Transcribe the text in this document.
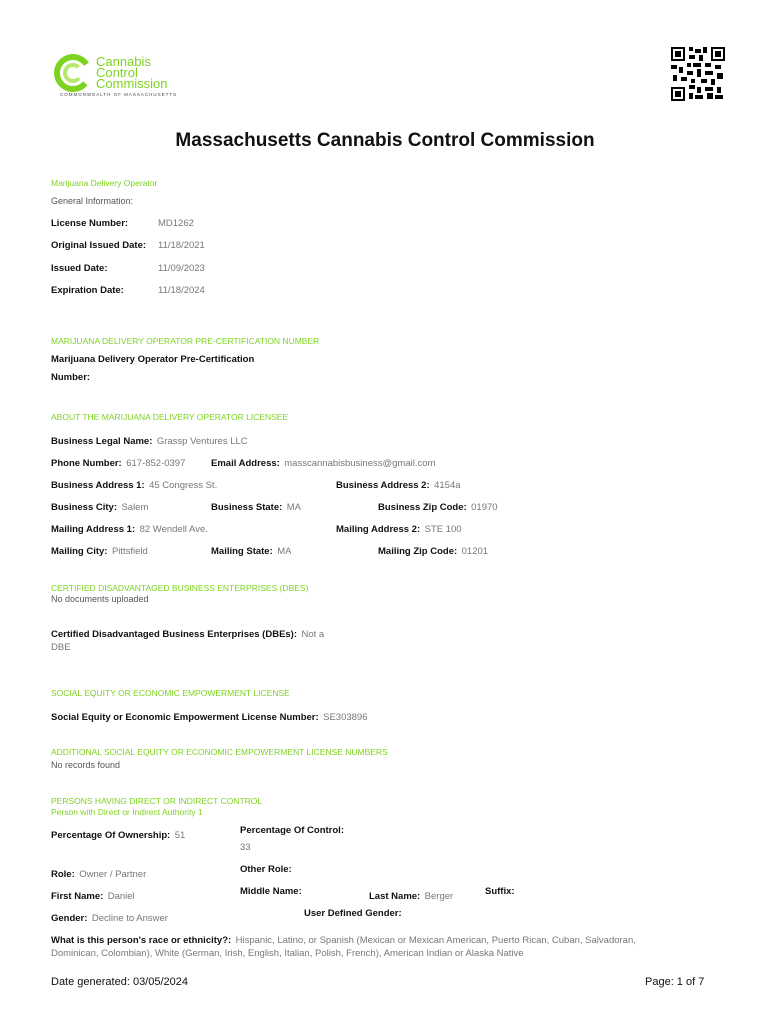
Cannabis
Control
Commission
COMMONWEALTH OF MASSACHUSETTS
Massachusetts Cannabis Control Commission
Marijuana Delivery Operator
General Information:
License Number:	MD1262
Original Issued Date: 11/18/2021
Issued Date:	11/09/2023
Expiration Date:	11/18/2024
MARIJUANA DELIVERY OPERATOR PRE-CERTIFICATION NUMBER
Marijuana Delivery Operator Pre-Certification
Number:
ABOUT THE MARIJUANA DELIVERY OPERATOR LICENSEE
Business Legal Name: Grassp Ventures LLC
Phone Number: 617-852-0397	Email Address: masscannabisbusiness@gmail.com
Business Address 1: 45 Congress St.	Business Address 2: 4154a
Business City: Salem	Business State: MA	Business Zip Code: 01970
Mailing Address 1: 82 Wendell Ave.	Mailing Address 2: STE 100
Mailing City: Pittsfield	Mailing State: MA	Mailing Zip Code: 01201
CERTIFIED DISADVANTAGED BUSINESS ENTERPRISES (DBES)
No documents uploaded
Certified Disadvantaged Business Enterprises (DBEs): Not a
DBE
SOCIAL EQUITY OR ECONOMIC EMPOWERMENT LICENSE
Social Equity or Economic Empowerment License Number: SE303896
ADDITIONAL SOCIAL EQUITY OR ECONOMIC EMPOWERMENT LICENSE NUMBERS
No records found
PERSONS HAVING DIRECT OR INDIRECT CONTROL
Person with Direct or Indirect Authority 1
Percentage Of Ownership: 51	Percentage Of Control:
33
Role: Owner / Partner	Other Role:
First Name: Daniel	Middle Name:	Last Name: Berger	Suffix:
Gender: Decline to Answer	User Defined Gender:
What is this person's race or ethnicity?: Hispanic, Latino, or Spanish (Mexican or Mexican American, Puerto Rican, Cuban, Salvadoran,
Dominican, Colombian), White (German, Irish, English, Italian, Polish, French), American Indian or Alaska Native
Date generated: 03/05/2024	Page: 1 of 7
